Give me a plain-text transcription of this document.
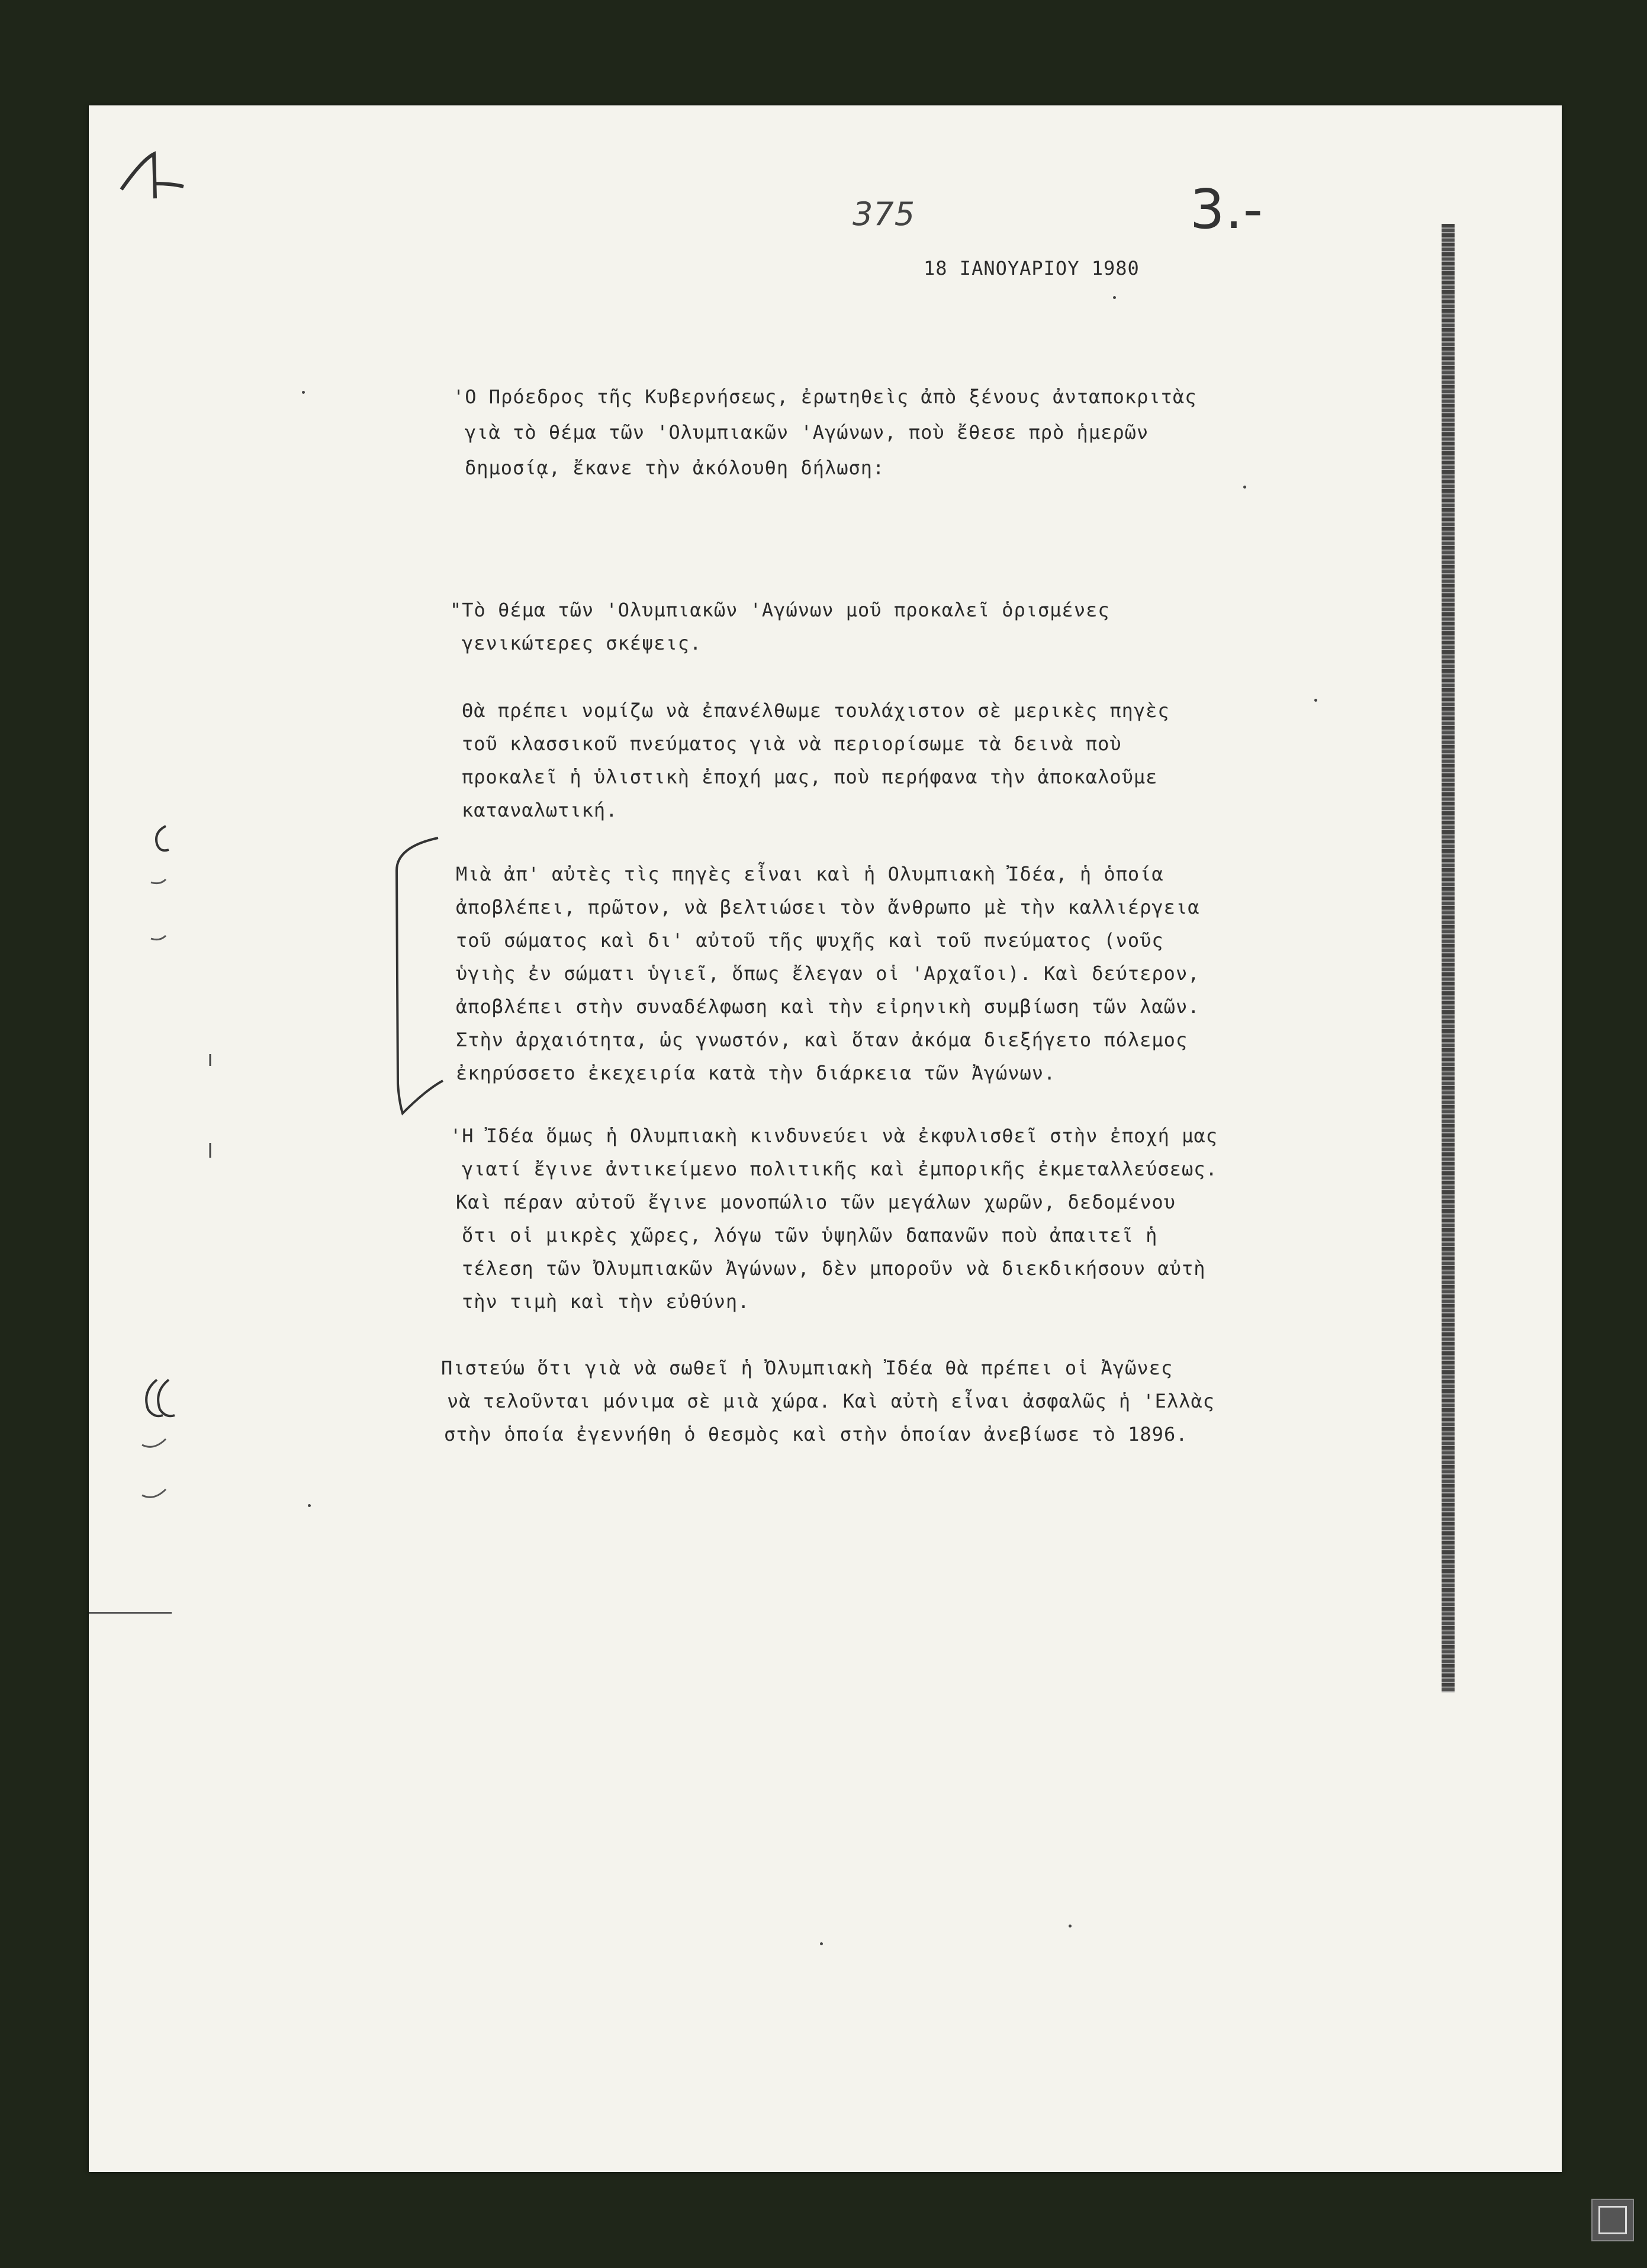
375	3.-
18 ΙΑΝΟΥΑΡΙΟΥ 1980
'Ο Πρόεδρος τῆς Κυβερνήσεως, ἐρωτηθεὶς ἀπὸ ξένους ἀνταποκριτὰς
γιὰ τὸ θέμα τῶν 'Ολυμπιακῶν 'Αγώνων, ποὺ ἔθεσε πρὸ ἡμερῶν
δημοσίᾳ, ἔκανε τὴν ἀκόλουθη δήλωση:
"Τὸ θέμα τῶν 'Ολυμπιακῶν 'Αγώνων μοῦ προκαλεῖ ὁρισμένες
γενικώτερες σκέψεις.
Θὰ πρέπει νομίζω νὰ ἐπανέλθωμε τουλάχιστον σὲ μερικὲς πηγὲς
τοῦ κλασσικοῦ πνεύματος γιὰ νὰ περιορίσωμε τὰ δεινὰ ποὺ
προκαλεῖ ἡ ὑλιστικὴ ἐποχή μας, ποὺ περήφανα τὴν ἀποκαλοῦμε
καταναλωτική.
Μιὰ ἀπ' αὐτὲς τὶς πηγὲς εἶναι καὶ ἡ Ολυμπιακὴ Ἰδέα, ἡ ὁποία
ἀποβλέπει, πρῶτον, νὰ βελτιώσει τὸν ἄνθρωπο μὲ τὴν καλλιέργεια
τοῦ σώματος καὶ δι' αὐτοῦ τῆς ψυχῆς καὶ τοῦ πνεύματος (νοῦς
ὑγιὴς ἐν σώματι ὑγιεῖ, ὅπως ἔλεγαν οἱ 'Αρχαῖοι). Καὶ δεύτερον,
ἀποβλέπει στὴν συναδέλφωση καὶ τὴν εἰρηνικὴ συμβίωση τῶν λαῶν.
Στὴν ἀρχαιότητα, ὡς γνωστόν, καὶ ὅταν ἀκόμα διεξήγετο πόλεμος
ἐκηρύσσετο ἐκεχειρία κατὰ τὴν διάρκεια τῶν Ἀγώνων.
'Η Ἰδέα ὅμως ἡ Ολυμπιακὴ κινδυνεύει νὰ ἐκφυλισθεῖ στὴν ἐποχή μας
γιατί ἔγινε ἀντικείμενο πολιτικῆς καὶ ἐμπορικῆς ἐκμεταλλεύσεως.
Καὶ πέραν αὐτοῦ ἔγινε μονοπώλιο τῶν μεγάλων χωρῶν, δεδομένου
ὅτι οἱ μικρὲς χῶρες, λόγω τῶν ὑψηλῶν δαπανῶν ποὺ ἀπαιτεῖ ἡ
τέλεση τῶν Ὀλυμπιακῶν Ἀγώνων, δὲν μποροῦν νὰ διεκδικήσουν αὐτὴ
τὴν τιμὴ καὶ τὴν εὐθύνη.
Πιστεύω ὅτι γιὰ νὰ σωθεῖ ἡ Ὀλυμπιακὴ Ἰδέα θὰ πρέπει οἱ Ἀγῶνες
νὰ τελοῦνται μόνιμα σὲ μιὰ χώρα. Καὶ αὐτὴ εἶναι ἀσφαλῶς ἡ 'Ελλὰς
στὴν ὁποία ἐγεννήθη ὁ θεσμὸς καὶ στὴν ὁποίαν ἀνεβίωσε τὸ 1896.
